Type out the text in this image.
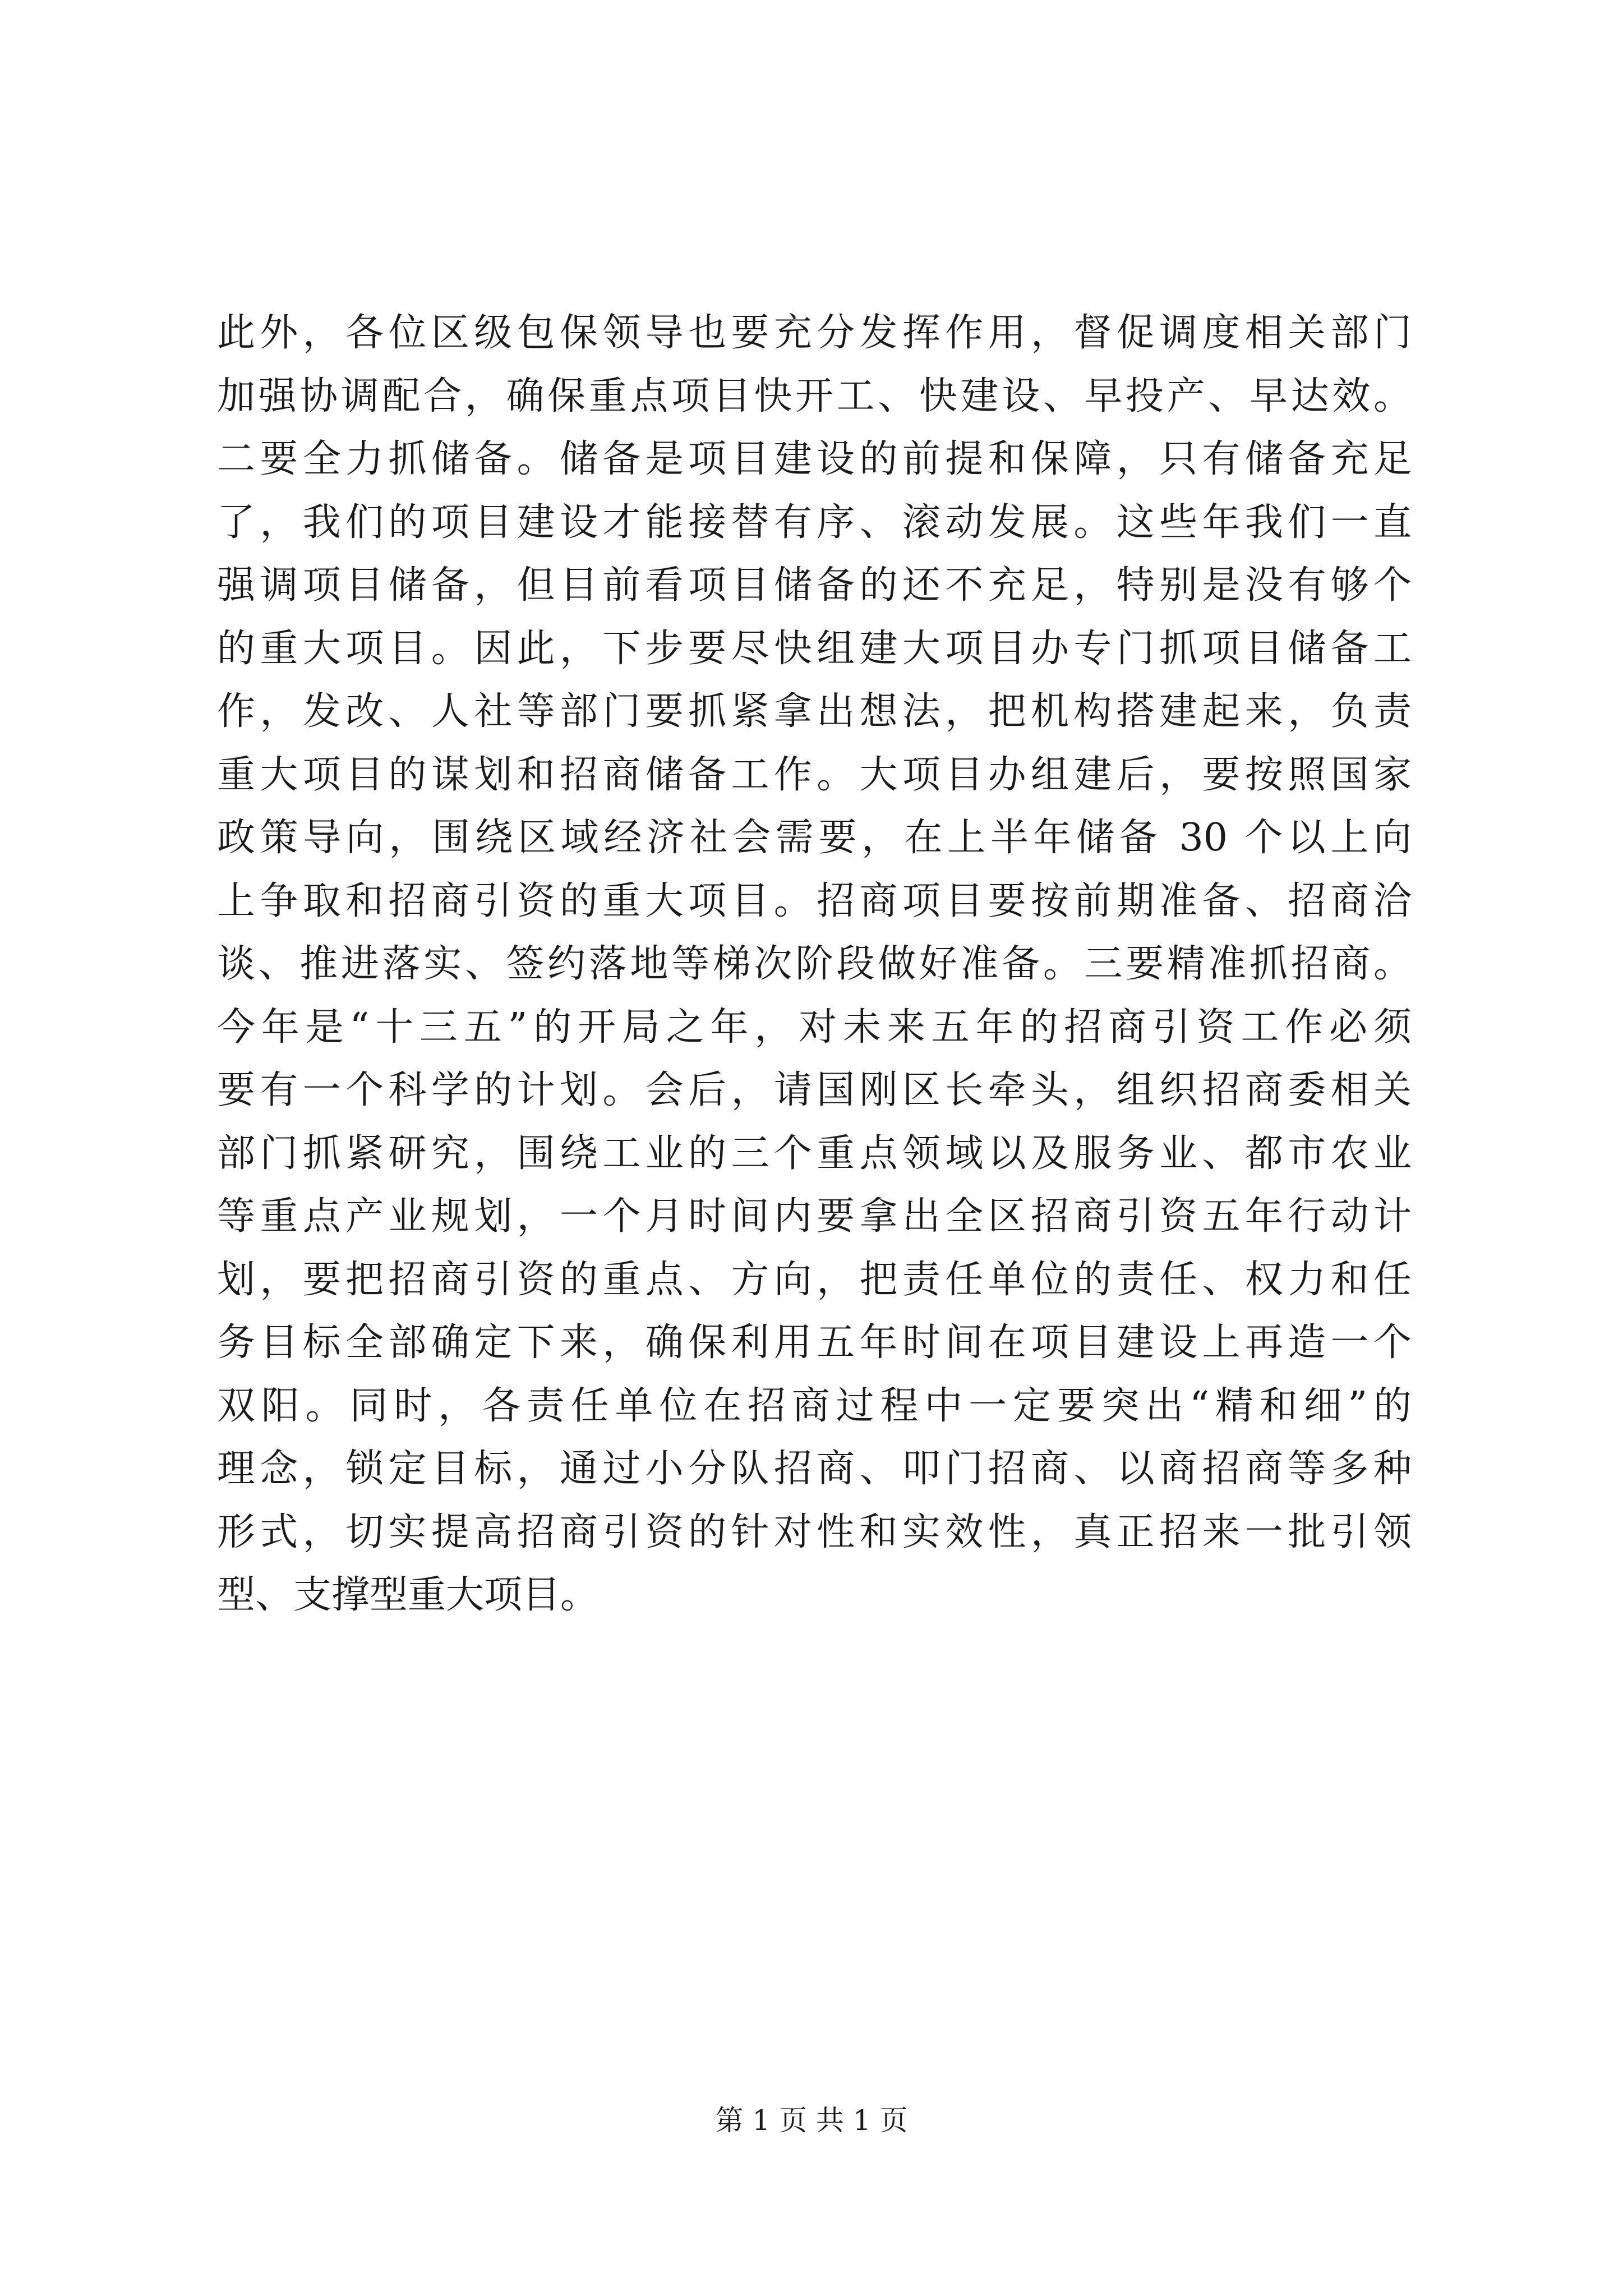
此外，各位区级包保领导也要充分发挥作用，督促调度相关部门
加强协调配合，确保重点项目快开工、快建设、早投产、早达效。
二要全力抓储备。储备是项目建设的前提和保障，只有储备充足
了，我们的项目建设才能接替有序、滚动发展。这些年我们一直
强调项目储备，但目前看项目储备的还不充足，特别是没有够个
的重大项目。因此，下步要尽快组建大项目办专门抓项目储备工
作，发改、人社等部门要抓紧拿出想法，把机构搭建起来，负责
重大项目的谋划和招商储备工作。大项目办组建后，要按照国家
政策导向，围绕区域经济社会需要，在上半年储备 30 个以上向
上争取和招商引资的重大项目。招商项目要按前期准备、招商洽
谈、推进落实、签约落地等梯次阶段做好准备。三要精准抓招商。
今年是“十三五”的开局之年，对未来五年的招商引资工作必须
要有一个科学的计划。会后，请国刚区长牵头，组织招商委相关
部门抓紧研究，围绕工业的三个重点领域以及服务业、都市农业
等重点产业规划，一个月时间内要拿出全区招商引资五年行动计
划，要把招商引资的重点、方向，把责任单位的责任、权力和任
务目标全部确定下来，确保利用五年时间在项目建设上再造一个
双阳。同时，各责任单位在招商过程中一定要突出“精和细”的
理念，锁定目标，通过小分队招商、叩门招商、以商招商等多种
形式，切实提高招商引资的针对性和实效性，真正招来一批引领
型、支撑型重大项目。
第 1 页 共 1 页
